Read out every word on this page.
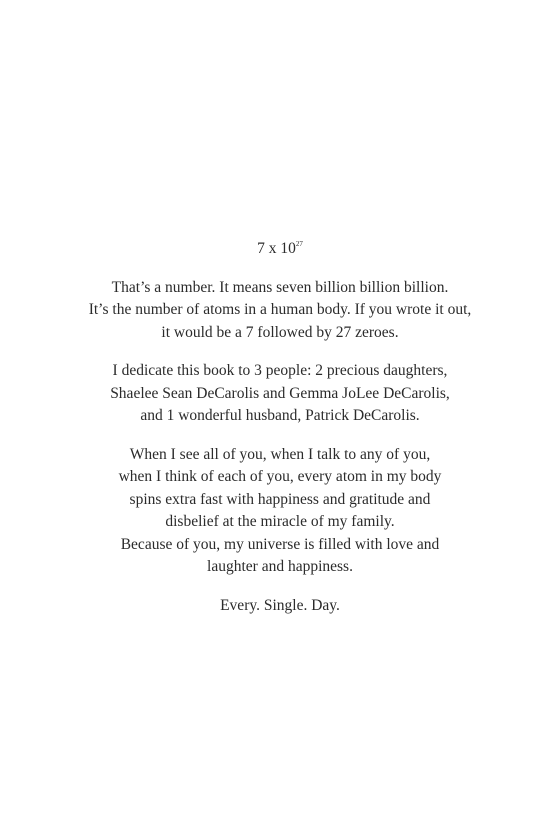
7 x $10^{27}$

That’s a number. It means seven billion billion billion.
It’s the number of atoms in a human body. If you wrote it out,
it would be a 7 followed by 27 zeroes.

I dedicate this book to 3 people: 2 precious daughters,
Shaelee Sean DeCarolis and Gemma JoLee DeCarolis,
and 1 wonderful husband, Patrick DeCarolis.

When I see all of you, when I talk to any of you,
when I think of each of you, every atom in my body
spins extra fast with happiness and gratitude and
disbelief at the miracle of my family.
Because of you, my universe is filled with love and
laughter and happiness.

Every. Single. Day.
